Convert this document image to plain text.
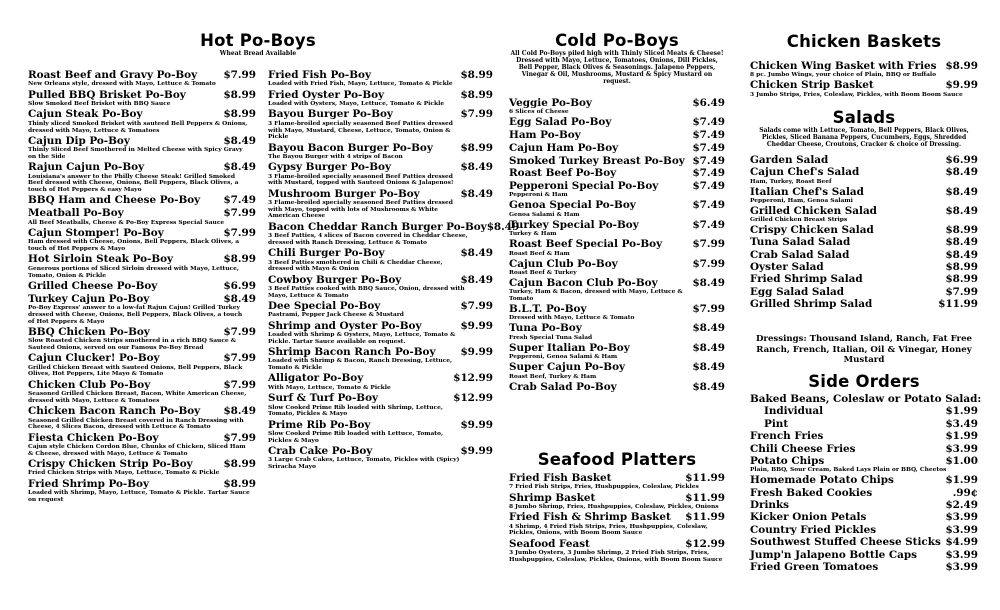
Hot Po-Boys
Wheat Bread Available
Roast Beef and Gravy Po-Boy	$7.99
New Orleans style, dressed with Mayo, Lettuce & Tomato
Pulled BBQ Brisket Po-Boy	$8.99
Slow Smoked Beef Brisket with BBQ Sauce
Cajun Steak Po-Boy	$8.99
Thinly sliced Smoked Brisket with sauteed Bell Peppers & Onions, dressed with Mayo, Lettuce & Tomatoes
Cajun Dip Po-Boy	$8.49
Thinly Sliced Beef Smothered in Melted Cheese with Spicy Gravy on the Side
Rajun Cajun Po-Boy	$8.49
Louisiana's answer to the Philly Cheese Steak! Grilled Smoked Beef dressed with Cheese, Onions, Bell Peppers, Black Olives, a touch of Hot Peppers & easy Mayo
BBQ Ham and Cheese Po-Boy $7.49
Meatball Po-Boy	$7.99
All Beef Meatballs, Cheese & Po-Boy Express Special Sauce
Cajun Stomper! Po-Boy	$7.99
Ham dressed with Cheese, Onions, Bell Peppers, Black Olives, a touch of Hot Peppers & Mayo
Hot Sirloin Steak Po-Boy	$8.99
Generous portions of Sliced Sirloin dressed with Mayo, Lettuce, Tomato, Onion & Pickle
Grilled Cheese Po-Boy	$6.99
Turkey Cajun Po-Boy	$8.49
Po-Boy Express' answer to a low-fat Rajun Cajun! Grilled Turkey dressed with Cheese, Onions, Bell Peppers, Black Olives, a touch of Hot Peppers & Mayo
BBQ Chicken Po-Boy	$7.99
Slow Roasted Chicken Strips smothered in a rich BBQ Sauce & Sauteed Onions, served on our Famous Po-Boy Bread
Cajun Clucker! Po-Boy	$7.99
Grilled Chicken Breast with Sauteed Onions, Bell Peppers, Black Olives, Hot Peppers, Lite Mayo & Tomato
Chicken Club Po-Boy	$7.99
Seasoned Grilled Chicken Breast, Bacon, White American Cheese, dressed with Mayo, Lettuce & Tomatoes
Chicken Bacon Ranch Po-Boy $8.49
Seasoned Grilled Chicken Breast covered in Ranch Dressing with Cheese, 4 Slices Bacon, dressed with Lettuce & Tomato
Fiesta Chicken Po-Boy	$7.99
Cajun style Chicken Cordon Blue, Chunks of Chicken, Sliced Ham & Cheese, dressed with Mayo, Lettuce & Tomato
Crispy Chicken Strip Po-Boy	$8.99
Fried Chicken Strips with Mayo, Lettuce, Tomato & Pickle
Fried Shrimp Po-Boy	$8.99
Loaded with Shrimp, Mayo, Lettuce, Tomato & Pickle. Tartar Sauce on request
Fried Fish Po-Boy	$8.99
Loaded with Fried Fish, Mayo, Lettuce, Tomato & Pickle
Fried Oyster Po-Boy	$8.99
Loaded with Oysters, Mayo, Lettuce, Tomato & Pickle
Bayou Burger Po-Boy	$7.99
3 Flame-broiled specially seasoned Beef Patties dressed with Mayo, Mustard, Cheese, Lettuce, Tomato, Onion & Pickle
Bayou Bacon Burger Po-Boy	$8.99
The Bayou Burger with 4 strips of Bacon
Gypsy Burger Po-Boy	$8.49
3 Flame-broiled specially seasoned Beef Patties dressed with Mustard, topped with Sauteed Onions & Jalapenos!
Mushroom Burger Po-Boy	$8.49
3 Flame-broiled specially seasoned Beef Patties dressed with Mayo, topped with lots of Mushrooms & White American Cheese
Bacon Cheddar Ranch Burger Po-Boy $8.49
3 Beef Patties, 4 slices of Bacon covered in Cheddar Cheese, dressed with Ranch Dressing, Lettuce & Tomato
Chili Burger Po-Boy	$8.49
3 Beef Patties smothered in Chili & Cheddar Cheese, dressed with Mayo & Onion
Cowboy Burger Po-Boy	$8.49
3 Beef Patties cooked with BBQ Sauce, Onion, dressed with Mayo, Lettuce & Tomato
Dee Special Po-Boy	$7.99
Pastrami, Pepper Jack Cheese & Mustard
Shrimp and Oyster Po-Boy	$9.99
Loaded with Shrimp & Oysters, Mayo, Lettuce, Tomato & Pickle. Tartar Sauce available on request.
Shrimp Bacon Ranch Po-Boy $9.99
Loaded with Shrimp & Bacon, Ranch Dressing, Lettuce, Tomato & Pickle
Alligator Po-Boy	$12.99
With Mayo, Lettuce, Tomato & Pickle
Surf & Turf Po-Boy	$12.99
Slow Cooked Prime Rib loaded with Shrimp, Lettuce, Tomato, Pickles & Mayo
Prime Rib Po-Boy	$9.99
Slow Cooked Prime Rib loaded with Lettuce, Tomato, Pickles & Mayo
Crab Cake Po-Boy	$9.99
3 Large Crab Cakes, Lettuce, Tomato, Pickles with (Spicy) Sriracha Mayo
Cold Po-Boys
All Cold Po-Boys piled high with Thinly Sliced Meats & Cheese! Dressed with Mayo, Lettuce, Tomatoes, Onions, Dill Pickles, Bell Pepper, Black Olives & Seasonings. Jalapeno Peppers, Vinegar & Oil, Mushrooms, Mustard & Spicy Mustard on request.
Veggie Po-Boy	$6.49
6 Slices of Cheese
Egg Salad Po-Boy	$7.49
Ham Po-Boy	$7.49
Cajun Ham Po-Boy	$7.49
Smoked Turkey Breast Po-Boy $7.49
Roast Beef Po-Boy	$7.49
Pepperoni Special Po-Boy	$7.49
Pepperoni & Ham
Genoa Special Po-Boy	$7.49
Genoa Salami & Ham
Turkey Special Po-Boy	$7.49
Turkey & Ham
Roast Beef Special Po-Boy	$7.99
Roast Beef & Ham
Cajun Club Po-Boy	$7.99
Roast Beef & Turkey
Cajun Bacon Club Po-Boy	$8.49
Turkey, Ham & Bacon, dressed with Mayo, Lettuce & Tomato
B.L.T. Po-Boy	$7.99
Dressed with Mayo, Lettuce & Tomato
Tuna Po-Boy	$8.49
Fresh Special Tuna Salad
Super Italian Po-Boy	$8.49
Pepperoni, Genoa Salami & Ham
Super Cajun Po-Boy	$8.49
Roast Beef, Turkey & Ham
Crab Salad Po-Boy	$8.49
Seafood Platters
Fried Fish Basket	$11.99
7 Fried Fish Strips, Fries, Hushpuppies, Coleslaw, Pickles
Shrimp Basket	$11.99
8 Jumbo Shrimp, Fries, Hushpuppies, Coleslaw, Pickles, Onions
Fried Fish & Shrimp Basket $11.99
4 Shrimp, 4 Fried Fish Strips, Fries, Hushpuppies, Coleslaw, Pickles, Onions, with Boom Boom Sauce
Seafood Feast	$12.99
3 Jumbo Oysters, 3 Jumbo Shrimp, 2 Fried Fish Strips, Fries, Hushpuppies, Coleslaw, Pickles, Onions, with Boom Boom Sauce
Chicken Baskets
Chicken Wing Basket with Fries $8.99
8 pc. Jumbo Wings, your choice of Plain, BBQ or Buffalo
Chicken Strip Basket	$9.99
3 Jumbo Strips, Fries, Coleslaw, Pickles, with Boom Boom Sauce
Salads
Salads come with Lettuce, Tomato, Bell Peppers, Black Olives, Pickles, Sliced Banana Peppers, Cucumbers, Eggs, Shredded Cheddar Cheese, Croutons, Cracker & choice of Dressing.
Garden Salad	$6.99
Cajun Chef's Salad	$8.49
Ham, Turkey, Roast Beef
Italian Chef's Salad	$8.49
Pepperoni, Ham, Genoa Salami
Grilled Chicken Salad	$8.49
Grilled Chicken Breast Strips
Crispy Chicken Salad	$8.99
Tuna Salad Salad	$8.49
Crab Salad Salad	$8.49
Oyster Salad	$8.99
Fried Shrimp Salad	$8.99
Egg Salad Salad	$7.99
Grilled Shrimp Salad	$11.99
Dressings: Thousand Island, Ranch, Fat Free Ranch, French, Italian, Oil & Vinegar, Honey Mustard
Side Orders
Baked Beans, Coleslaw or Potato Salad:
Individual	$1.99
Pint	$3.49
French Fries	$1.99
Chili Cheese Fries	$3.99
Potato Chips	$1.00
Plain, BBQ, Sour Cream, Baked Lays Plain or BBQ, Cheetos
Homemade Potato Chips	$1.99
Fresh Baked Cookies	.99¢
Drinks	$2.49
Kicker Onion Petals	$3.99
Country Fried Pickles	$3.99
Southwest Stuffed Cheese Sticks $4.99
Jump'n Jalapeno Bottle Caps	$3.99
Fried Green Tomatoes	$3.99
